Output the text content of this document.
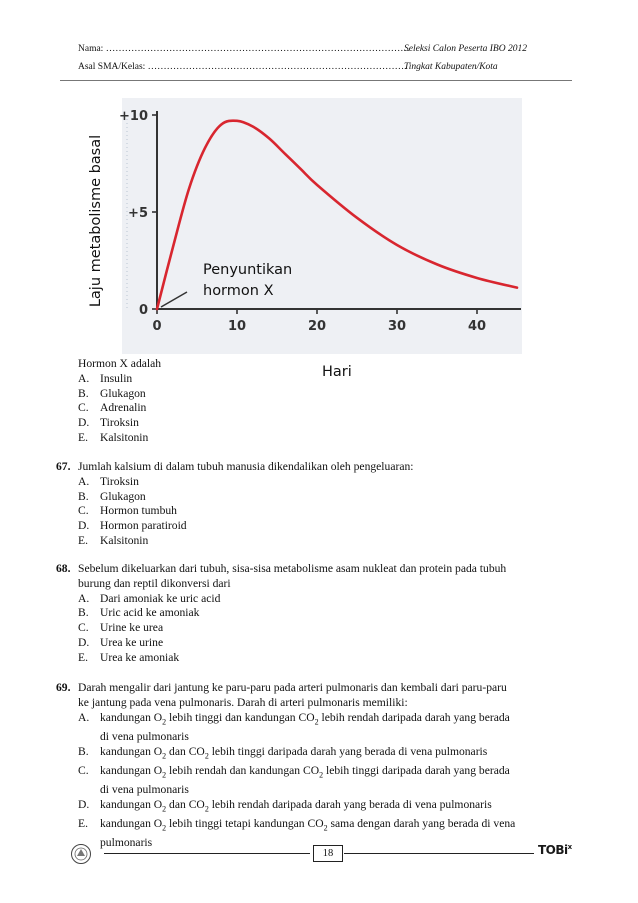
Nama: ……………………………………………………………………………………
Asal SMA/Kelas: ……………………………………………………………………….
Seleksi Calon Peserta IBO 2012
Tingkat Kabupaten/Kota
0	10	20	30	40
+10
+5
0
Laju metabolisme basal	Penyuntikan
hormon X
Hari
Hormon X adalah
A. Insulin
B. Glukagon
C. Adrenalin
D. Tiroksin
E. Kalsitonin
67. Jumlah kalsium di dalam tubuh manusia dikendalikan oleh pengeluaran:
A. Tiroksin
B. Glukagon
C. Hormon tumbuh
D. Hormon paratiroid
E. Kalsitonin
68. Sebelum dikeluarkan dari tubuh, sisa-sisa metabolisme asam nukleat dan protein pada tubuh
burung dan reptil dikonversi dari
A. Dari amoniak ke uric acid
B. Uric acid ke amoniak
C. Urine ke urea
D. Urea ke urine
E. Urea ke amoniak
69. Darah mengalir dari jantung ke paru-paru pada arteri pulmonaris dan kembali dari paru-paru
ke jantung pada vena pulmonaris. Darah di arteri pulmonaris memiliki:
A. kandungan $O_2$ lebih tinggi dan kandungan $CO_2$ lebih rendah daripada darah yang berada
di vena pulmonaris
B. kandungan $O_2$ dan $CO_2$ lebih tinggi daripada darah yang berada di vena pulmonaris
C. kandungan $O_2$ lebih rendah dan kandungan $CO_2$ lebih tinggi daripada darah yang berada
di vena pulmonaris
D. kandungan $O_2$ dan $CO_2$ lebih rendah daripada darah yang berada di vena pulmonaris
E. kandungan $O_2$ lebih tinggi tetapi kandungan $CO_2$ sama dengan darah yang berada di vena
pulmonaris
18	TOBi$^x$
